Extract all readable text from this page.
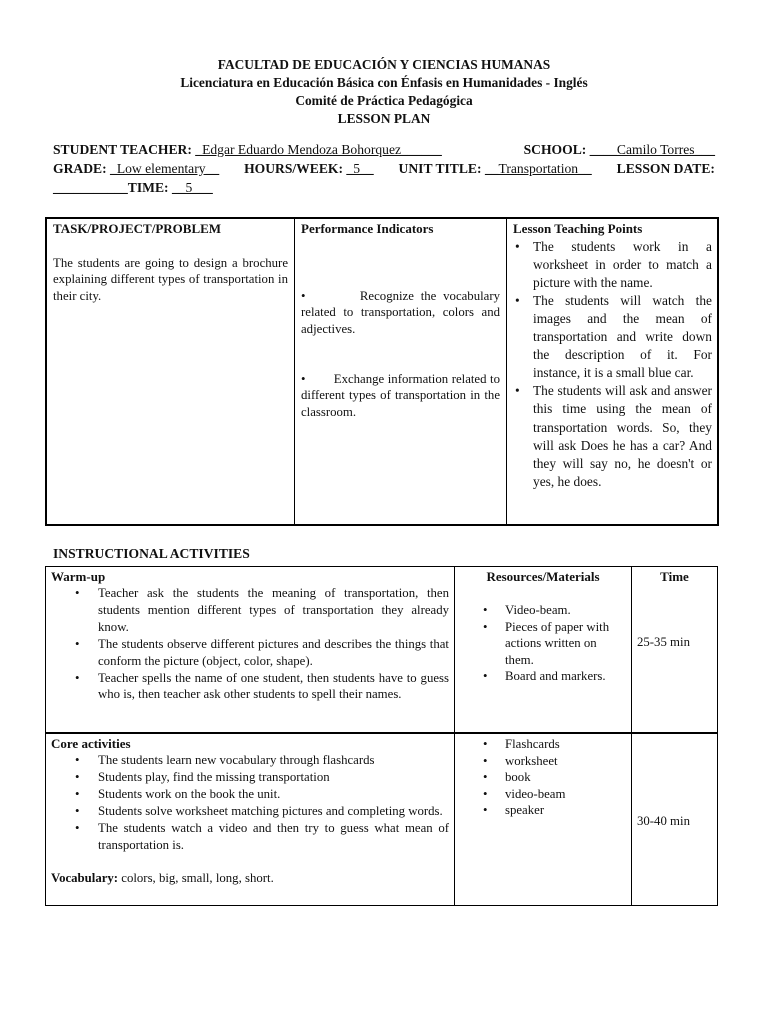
FACULTAD DE EDUCACIÓN Y CIENCIAS HUMANAS
Licenciatura en Educación Básica con Énfasis en Humanidades - Inglés
Comité de Práctica Pedagógica
LESSON PLAN
STUDENT TEACHER: _Edgar Eduardo Mendoza Bohorquez______	SCHOOL: ____Camilo Torres___
GRADE: _Low elementary__ HOURS/WEEK: _5__ UNIT TITLE: __Transportation__ LESSON DATE:
___________TIME: __5___
TASK/PROJECT/PROBLEM
The students are going to design a brochure explaining different types of transportation in their city.
Performance Indicators

•        Recognize the vocabulary related to transportation, colors and adjectives.

•        Exchange information related to different types of transportation in the classroom.

Lesson Teaching Points
• The students work in a worksheet in order to match a picture with the name.
• The students will watch the images and the mean of transportation and write down the description of it. For instance, it is a small blue car.
• The students will ask and answer this time using the mean of transportation words. So, they will ask Does he has a car? And they will say no, he doesn't or yes, he does.
INSTRUCTIONAL ACTIVITIES
Warm-up
• Teacher ask the students the meaning of transportation, then students mention different types of transportation they already know.
• The students observe different pictures and describes the things that conform the picture (object, color, shape).
• Teacher spells the name of one student, then students have to guess who is, then teacher ask other students to spell their names.
Resources/Materials
• Video-beam.
• Pieces of paper with actions written on them.
• Board and markers.
Time
25-35 min
Core activities
• The students learn new vocabulary through flashcards
• Students play, find the missing transportation
• Students work on the book the unit.
• Students solve worksheet matching pictures and completing words.
• The students watch a video and then try to guess what mean of transportation is.
Vocabulary: colors, big, small, long, short.
• Flashcards
• worksheet
• book
• video-beam
• speaker
30-40 min
